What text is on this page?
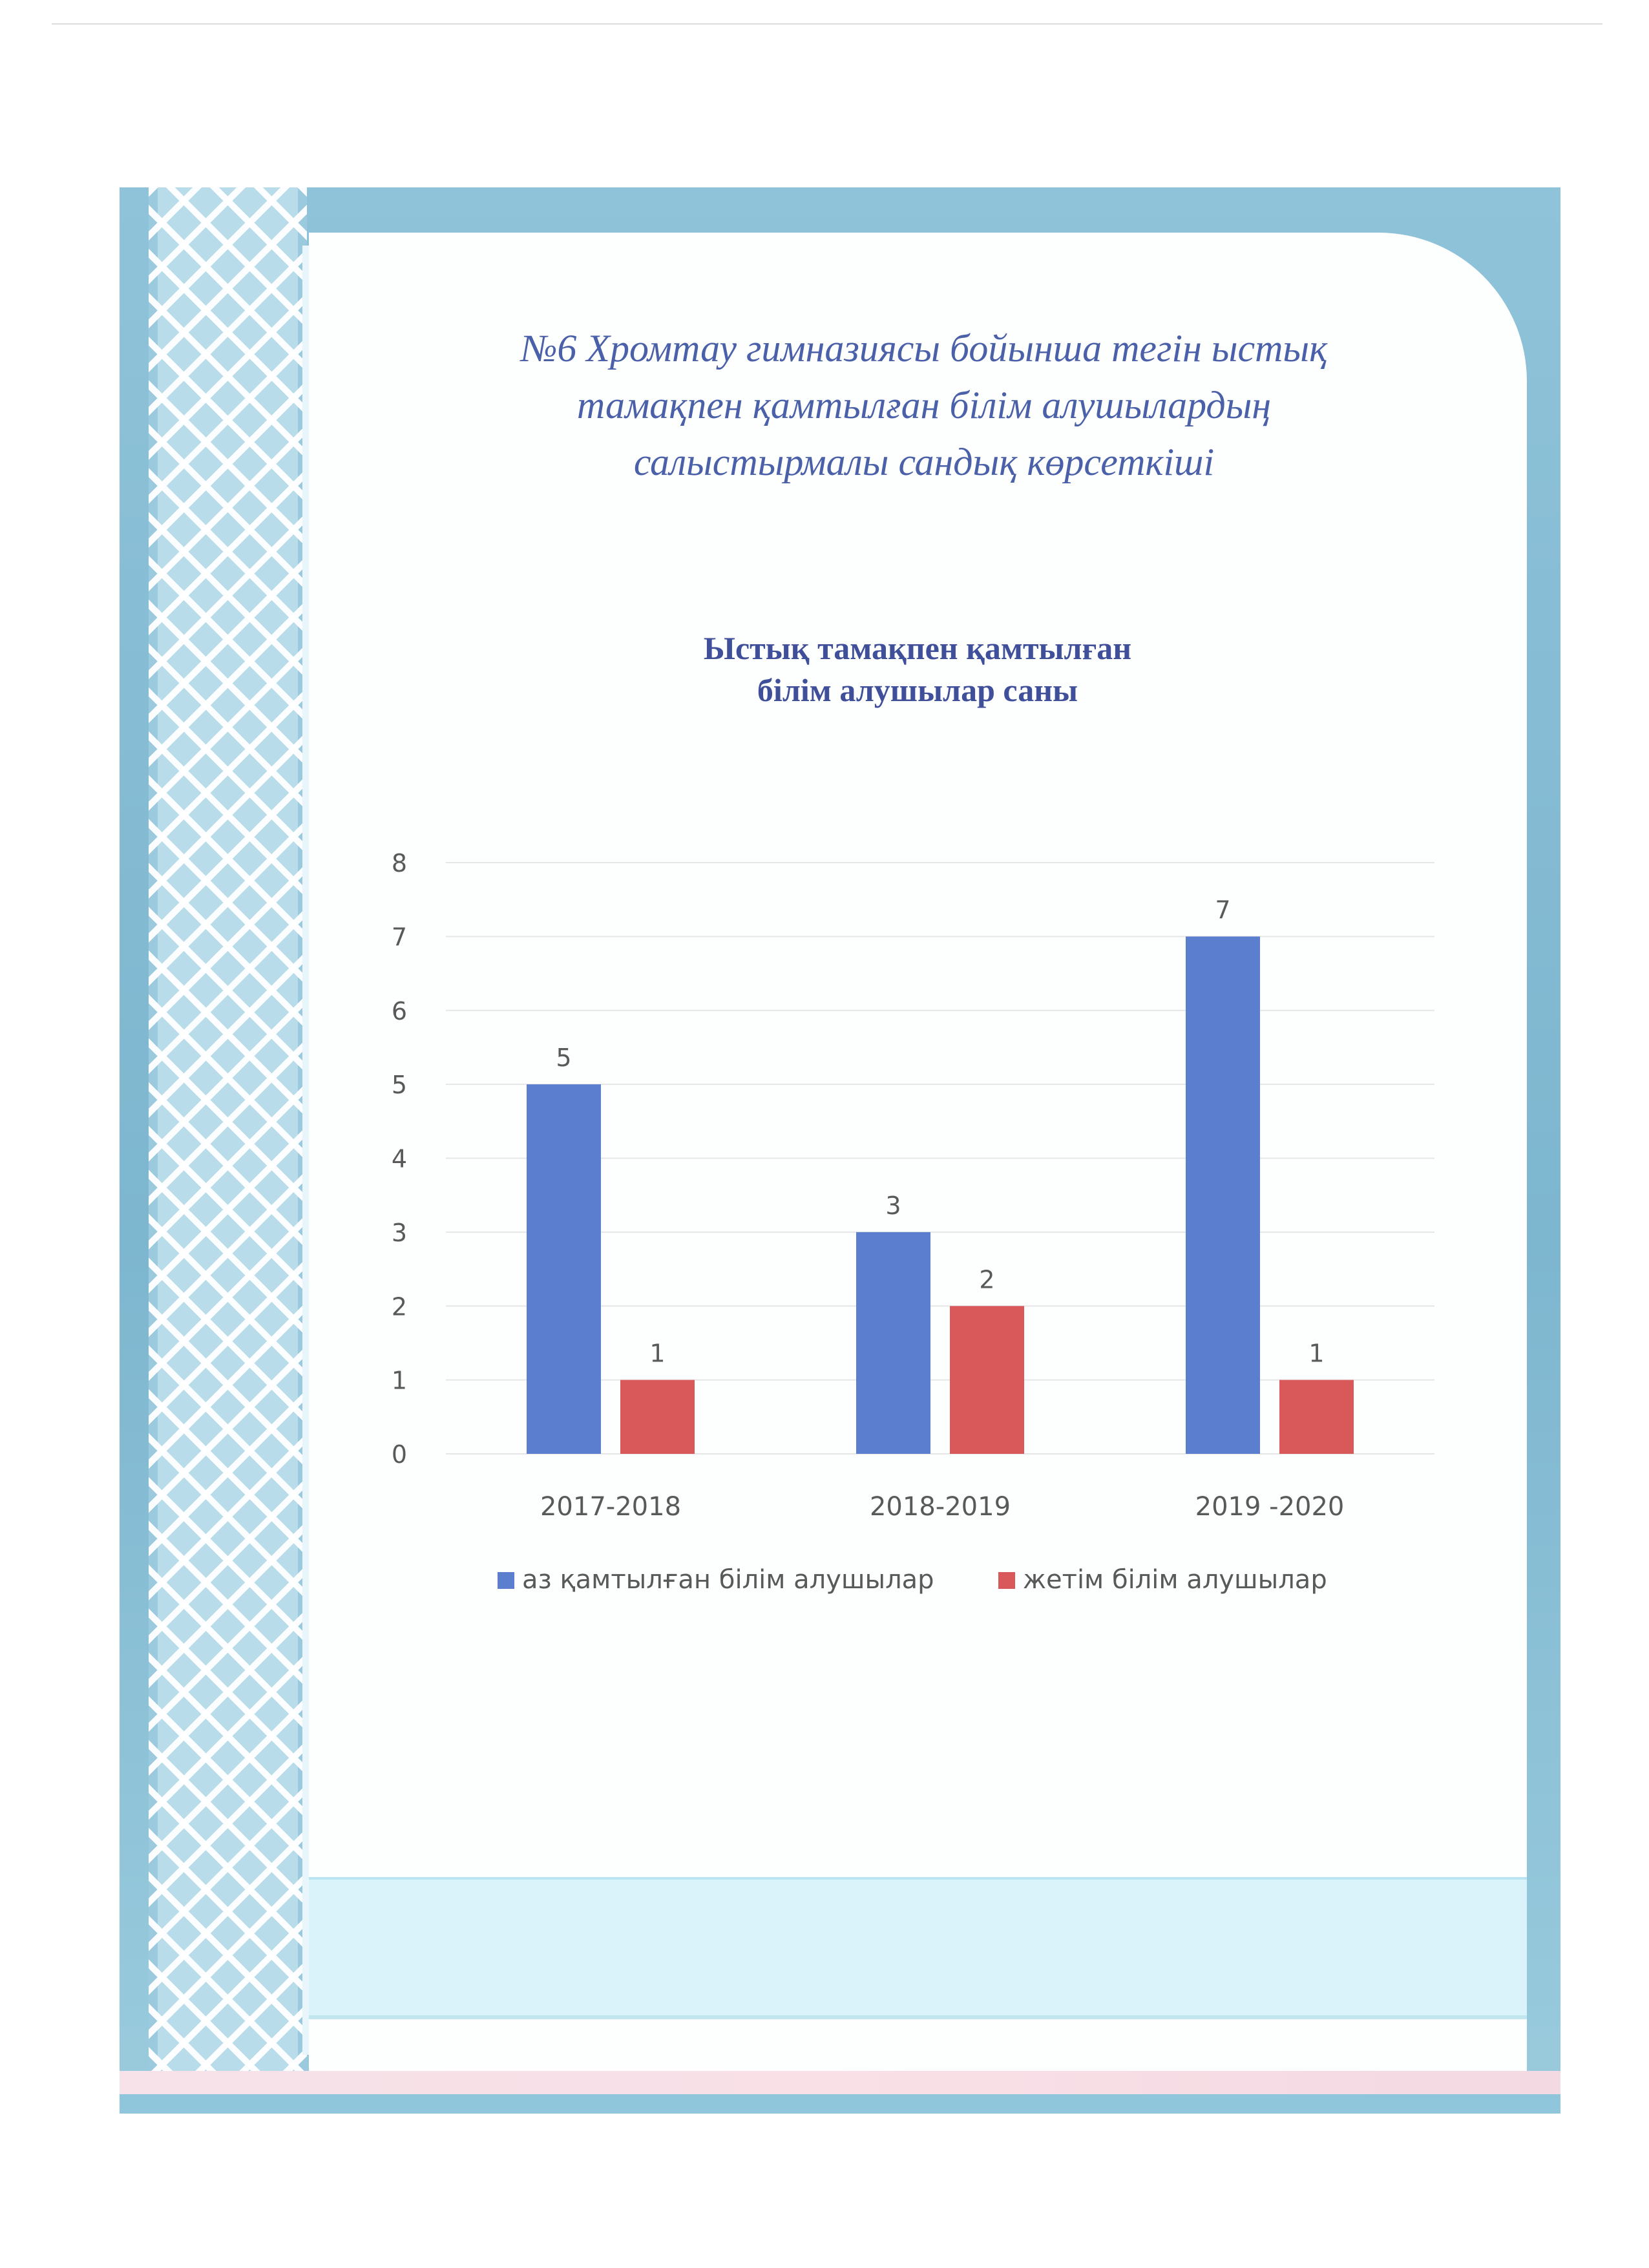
№6 Хромтау гимназиясы бойынша тегін ыстық
тамақпен қамтылған білім алушылардың
салыстырмалы сандық көрсеткіші
Ыстық тамақпен қамтылған
білім алушылар саны
0
1
2
3
4
5
6
7
8
5
1
3
2
7
1
2017-2018	2018-2019	2019 -2020
аз қамтылған білім алушылар	жетім білім алушылар
